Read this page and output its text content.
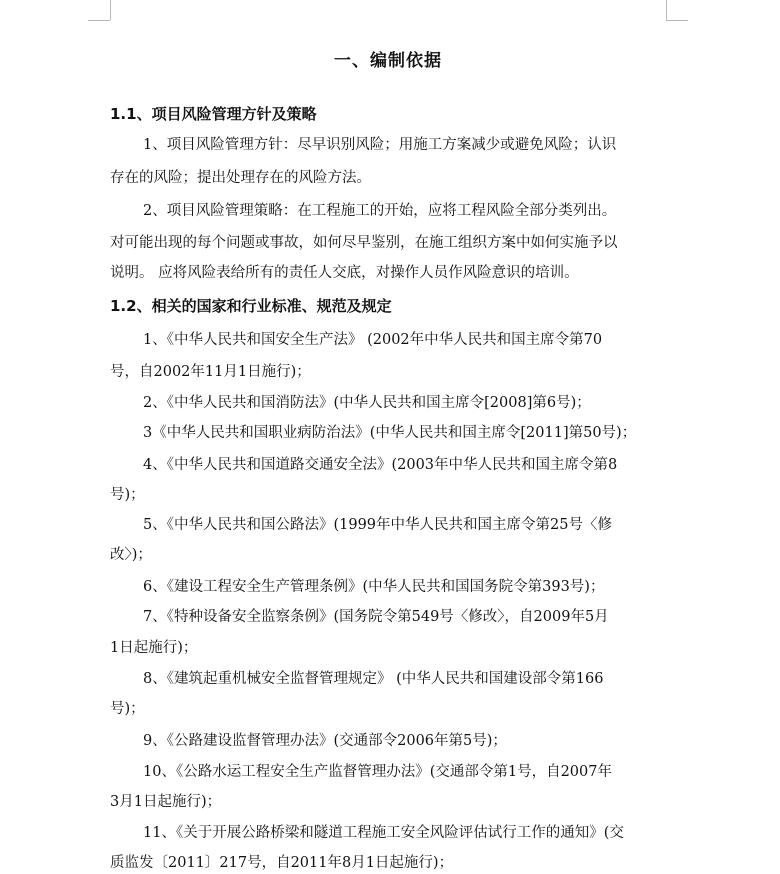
一、编制依据
1.1、项目风险管理方针及策略

1、项目风险管理方针：尽早识别风险；用施工方案减少或避免风险；认识

存在的风险；提出处理存在的风险方法。

2、项目风险管理策略：在工程施工的开始，应将工程风险全部分类列出。

对可能出现的每个问题或事故，如何尽早鉴别，在施工组织方案中如何实施予以

说明。 应将风险表给所有的责任人交底，对操作人员作风险意识的培训。

1.2、相关的国家和行业标准、规范及规定

1、《中华人民共和国安全生产法》 (2002年中华人民共和国主席令第70

号，自2002年11月1日施行)；

2、《中华人民共和国消防法》(中华人民共和国主席令[2008]第6号)；

3《中华人民共和国职业病防治法》(中华人民共和国主席令[2011]第50号)；

4、《中华人民共和国道路交通安全法》(2003年中华人民共和国主席令第8

号)；

5、《中华人民共和国公路法》(1999年中华人民共和国主席令第25号〈修

改〉)；

6、《建设工程安全生产管理条例》(中华人民共和国国务院令第393号)；

7、《特种设备安全监察条例》(国务院令第549号〈修改〉，自2009年5月

1日起施行)；

8、《建筑起重机械安全监督管理规定》 (中华人民共和国建设部令第166

号)；

9、《公路建设监督管理办法》(交通部令2006年第5号)；

10、《公路水运工程安全生产监督管理办法》(交通部令第1号，自2007年

3月1日起施行)；

11、《关于开展公路桥梁和隧道工程施工安全风险评估试行工作的通知》(交

质监发〔2011〕217号，自2011年8月1日起施行)；
